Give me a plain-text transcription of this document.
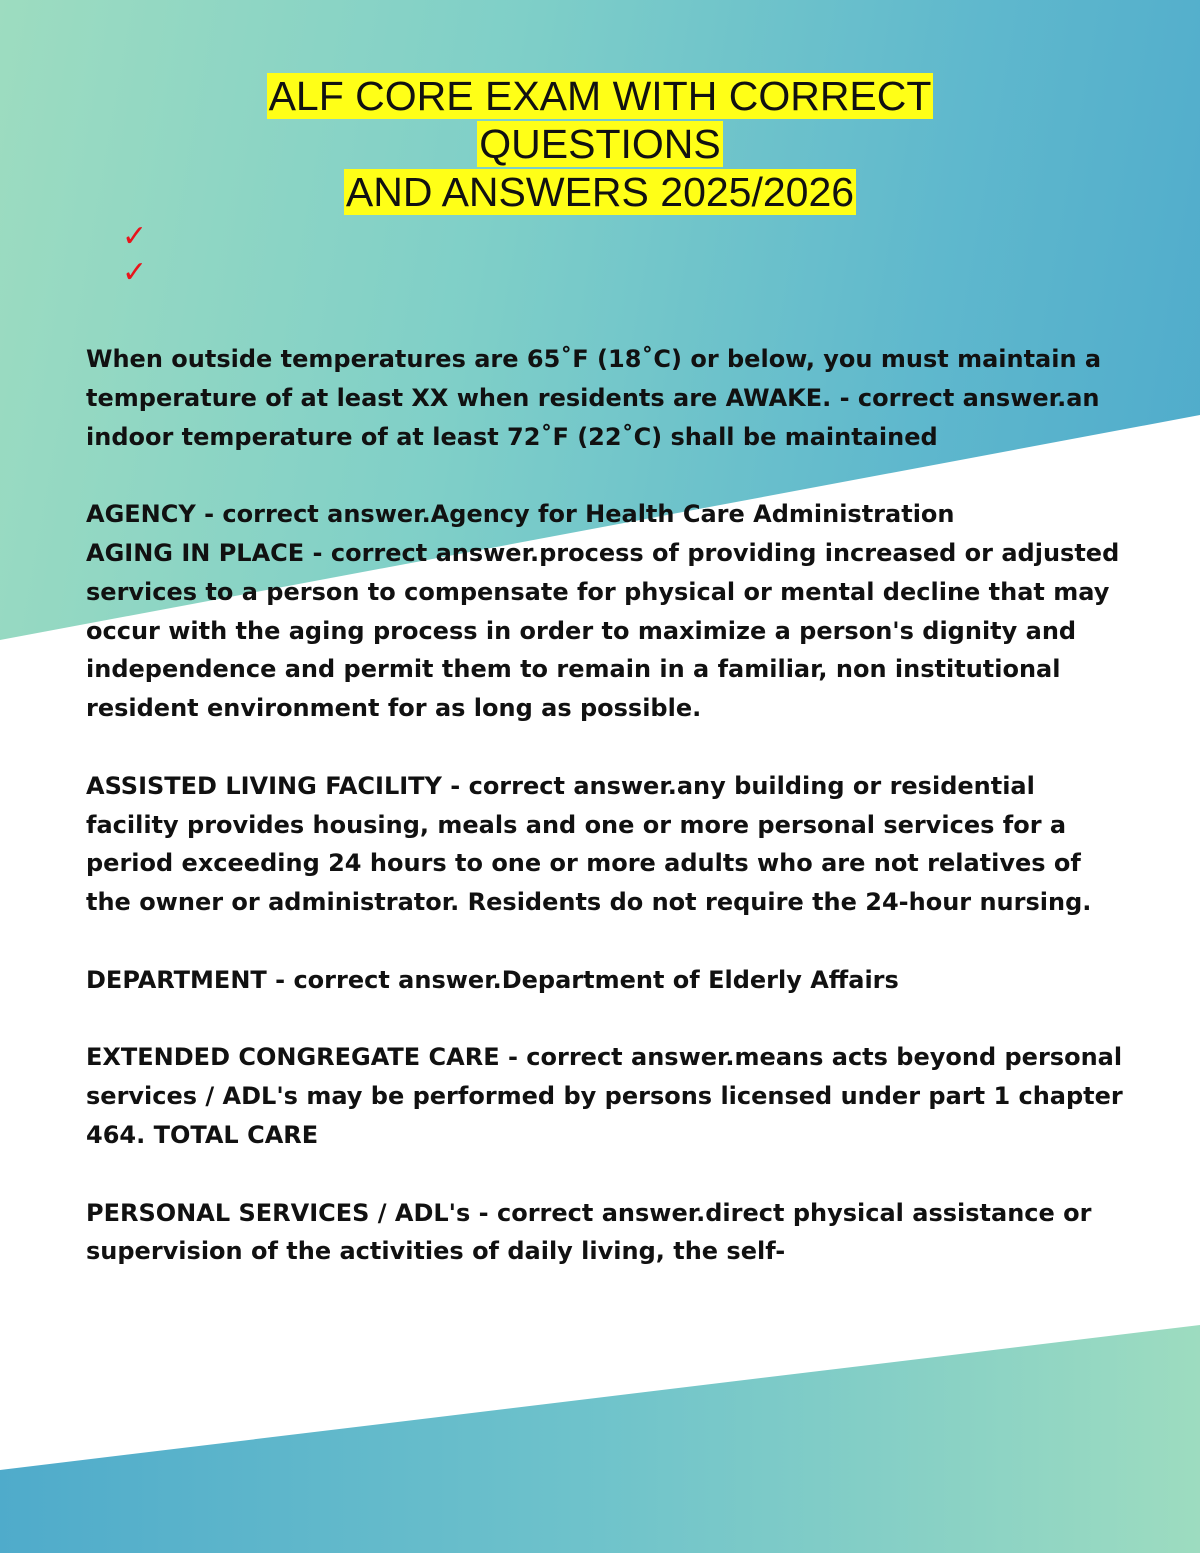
ALF CORE EXAM WITH CORRECT
QUESTIONS
AND ANSWERS 2025/2026
✓
✓

When outside temperatures are 65˚F (18˚C) or below, you must maintain a temperature of at least XX when residents are AWAKE. - correct answer.an indoor temperature of at least 72˚F (22˚C) shall be maintained

AGENCY - correct answer.Agency for Health Care Administration

AGING IN PLACE - correct answer.process of providing increased or adjusted services to a person to compensate for physical or mental decline that may occur with the aging process in order to maximize a person's dignity and independence and permit them to remain in a familiar, non institutional resident environment for as long as possible.

ASSISTED LIVING FACILITY - correct answer.any building or residential facility provides housing, meals and one or more personal services for a period exceeding 24 hours to one or more adults who are not relatives of the owner or administrator. Residents do not require the 24-hour nursing.

DEPARTMENT - correct answer.Department of Elderly Affairs

EXTENDED CONGREGATE CARE - correct answer.means acts beyond personal services / ADL's may be performed by persons licensed under part 1 chapter 464. TOTAL CARE

PERSONAL SERVICES / ADL's - correct answer.direct physical assistance or supervision of the activities of daily living, the self-
